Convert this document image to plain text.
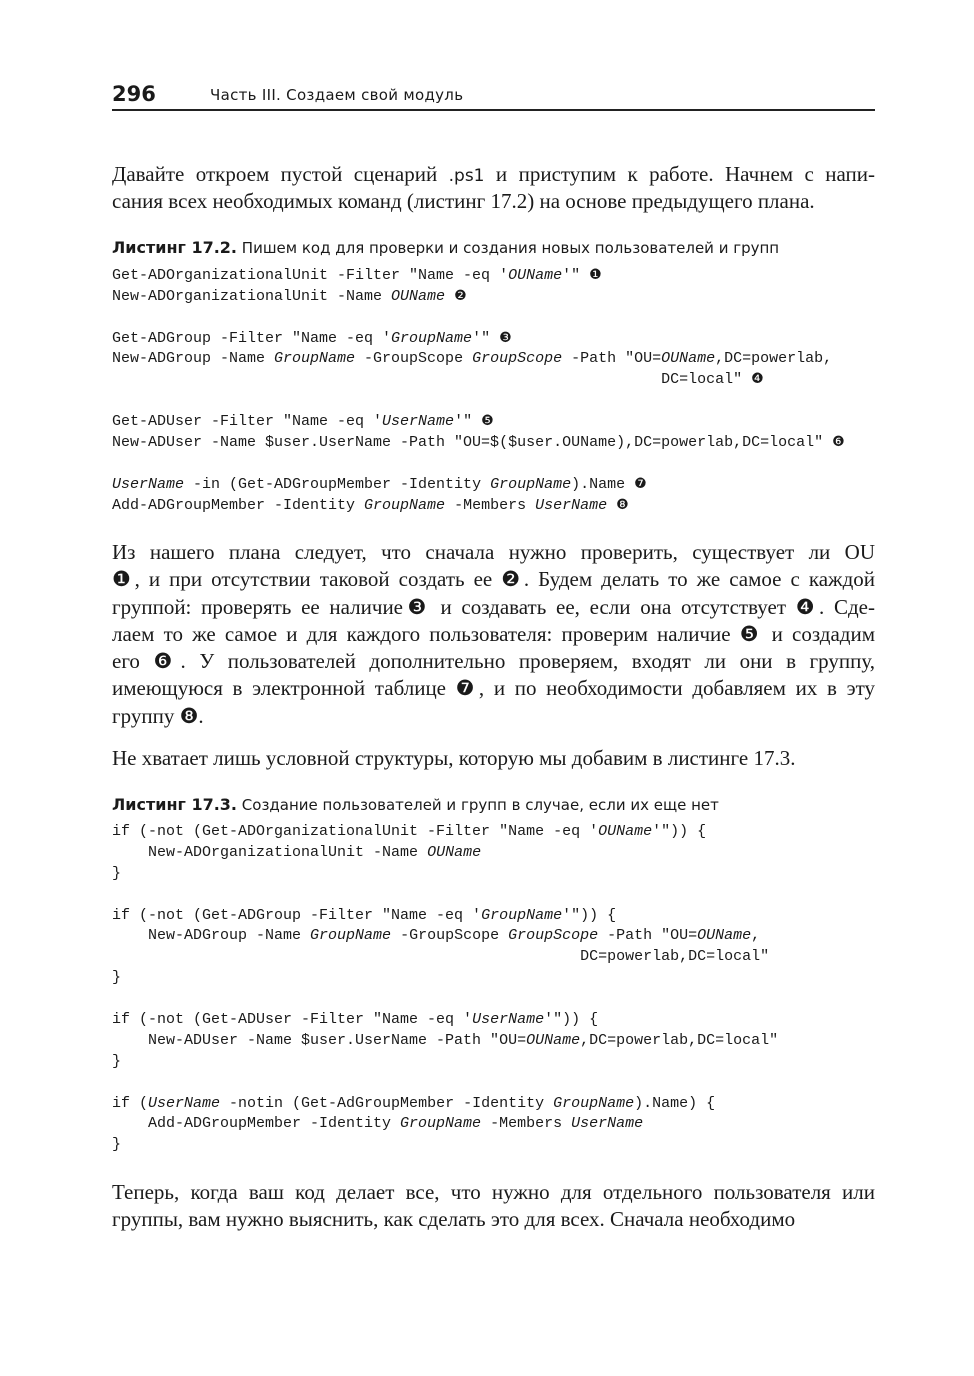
296	Часть III. Создаем свой модуль
Давайте откроем пустой сценарий .ps1 и приступим к работе. Начнем с напи-
сания всех необходимых команд (листинг 17.2) на основе предыдущего плана.
Листинг 17.2. Пишем код для проверки и создания новых пользователей и групп
Get-ADOrganizationalUnit -Filter "Name -eq 'OUName'" ❶
New-ADOrganizationalUnit -Name OUName ❷
Get-ADGroup -Filter "Name -eq 'GroupName'" ❸
New-ADGroup -Name GroupName -GroupScope GroupScope -Path "OU=OUName,DC=powerlab,
DC=local" ❹
Get-ADUser -Filter "Name -eq 'UserName'" ❺
New-ADUser -Name $user.UserName -Path "OU=$($user.OUName),DC=powerlab,DC=local" ❻
UserName -in (Get-ADGroupMember -Identity GroupName).Name ❼
Add-ADGroupMember -Identity GroupName -Members UserName ❽
Из нашего плана следует, что сначала нужно проверить, существует ли OU
❶, и при отсутствии таковой создать ее ❷. Будем делать то же самое с каждой
группой: проверять ее наличие❸ и создавать ее, если она отсутствует ❹. Сде-
лаем то же самое и для каждого пользователя: проверим наличие ❺ и создадим
его ❻. У пользователей дополнительно проверяем, входят ли они в группу,
имеющуюся в электронной таблице ❼, и по необходимости добавляем их в эту
группу ❽.
Не хватает лишь условной структуры, которую мы добавим в листинге 17.3.
Листинг 17.3. Создание пользователей и групп в случае, если их еще нет
if (-not (Get-ADOrganizationalUnit -Filter "Name -eq 'OUName'")) {
New-ADOrganizationalUnit -Name OUName
}
if (-not (Get-ADGroup -Filter "Name -eq 'GroupName'")) {
New-ADGroup -Name GroupName -GroupScope GroupScope -Path "OU=OUName,
DC=powerlab,DC=local"
}
if (-not (Get-ADUser -Filter "Name -eq 'UserName'")) {
New-ADUser -Name $user.UserName -Path "OU=OUName,DC=powerlab,DC=local"
}
if (UserName -notin (Get-AdGroupMember -Identity GroupName).Name) {
Add-ADGroupMember -Identity GroupName -Members UserName
}
Теперь, когда ваш код делает все, что нужно для отдельного пользователя или
группы, вам нужно выяснить, как сделать это для всех. Сначала необходимо
